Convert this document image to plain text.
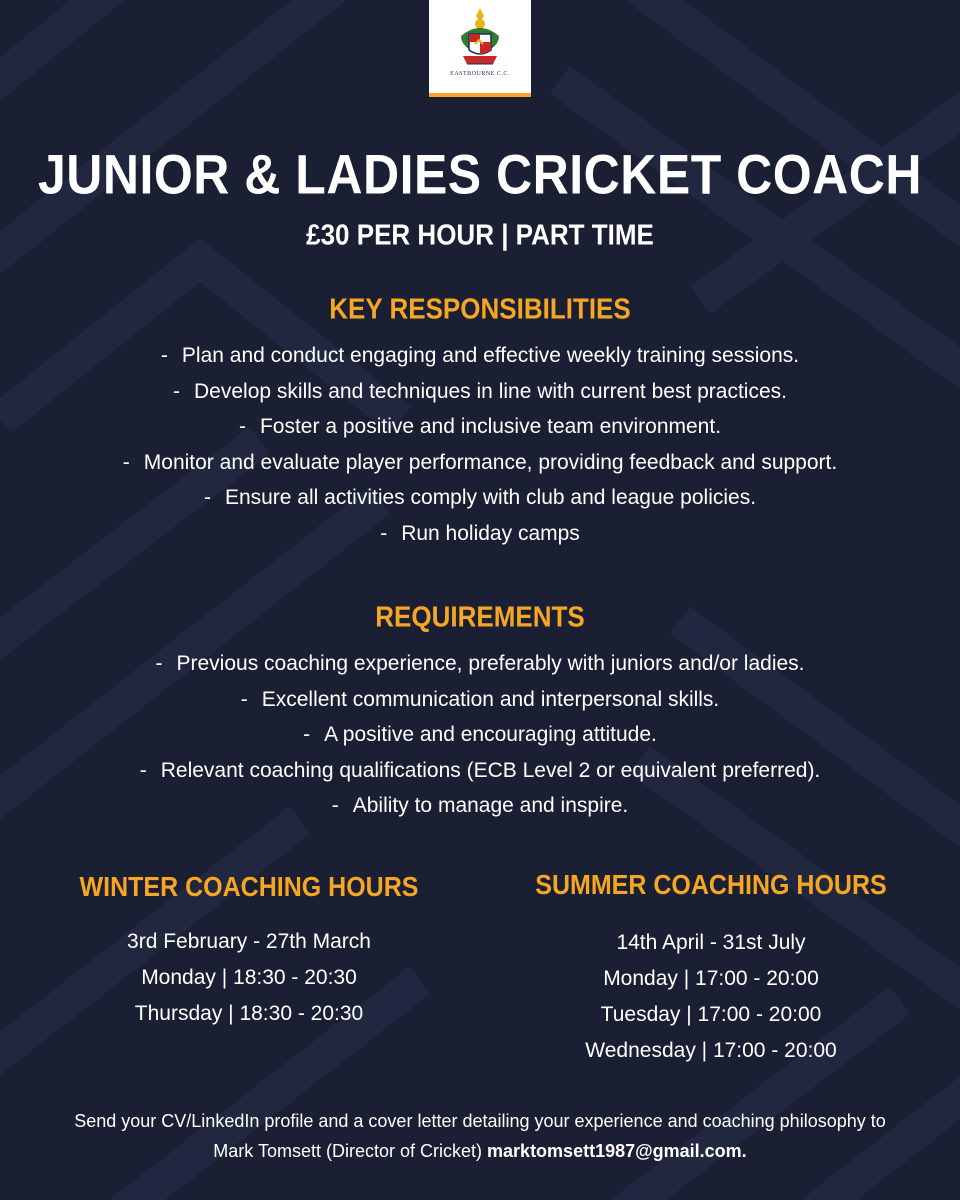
EASTBOURNE C.C.
JUNIOR & LADIES CRICKET COACH
£30 PER HOUR | PART TIME
KEY RESPONSIBILITIES
- Plan and conduct engaging and effective weekly training sessions.
- Develop skills and techniques in line with current best practices.
- Foster a positive and inclusive team environment.
- Monitor and evaluate player performance, providing feedback and support.
- Ensure all activities comply with club and league policies.
- Run holiday camps
REQUIREMENTS
- Previous coaching experience, preferably with juniors and/or ladies.
- Excellent communication and interpersonal skills.
- A positive and encouraging attitude.
- Relevant coaching qualifications (ECB Level 2 or equivalent preferred).
- Ability to manage and inspire.
WINTER COACHING HOURS
3rd February - 27th March
Monday | 18:30 - 20:30
Thursday | 18:30 - 20:30
SUMMER COACHING HOURS
14th April - 31st July
Monday | 17:00 - 20:00
Tuesday | 17:00 - 20:00
Wednesday | 17:00 - 20:00
Send your CV/LinkedIn profile and a cover letter detailing your experience and coaching philosophy to
Mark Tomsett (Director of Cricket) marktomsett1987@gmail.com.
